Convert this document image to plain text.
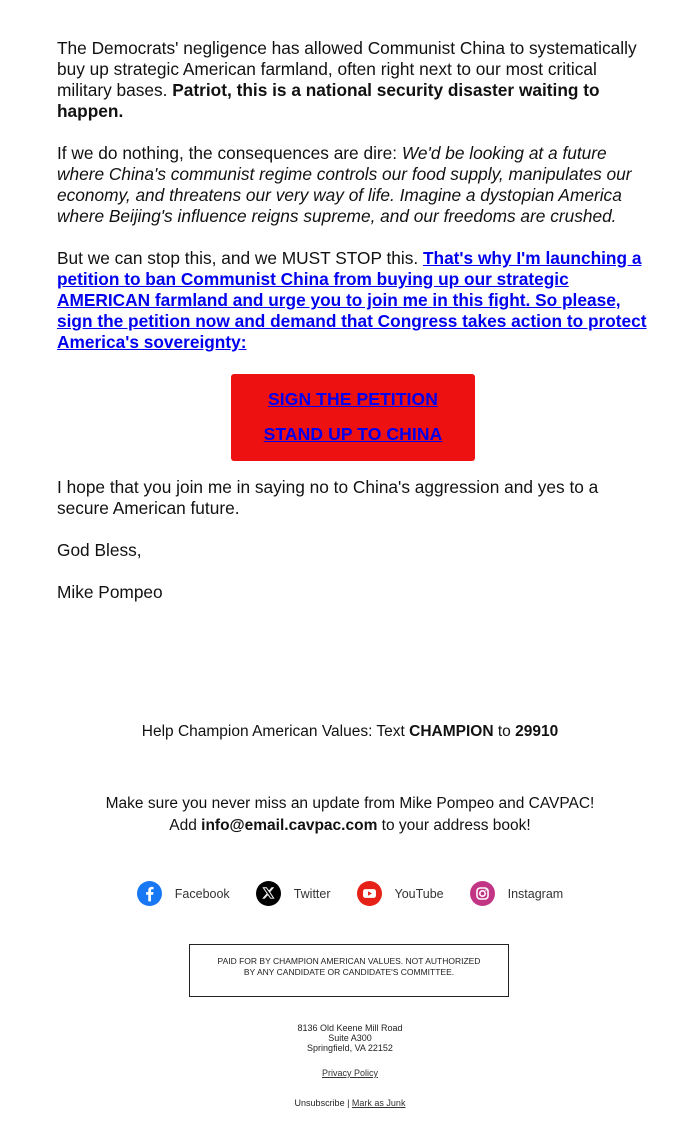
The Democrats' negligence has allowed Communist China to systematically buy up strategic American farmland, often right next to our most critical military bases. Patriot, this is a national security disaster waiting to happen.

If we do nothing, the consequences are dire: We'd be looking at a future where China's communist regime controls our food supply, manipulates our economy, and threatens our very way of life. Imagine a dystopian America where Beijing's influence reigns supreme, and our freedoms are crushed.

But we can stop this, and we MUST STOP this. That's why I'm launching a petition to ban Communist China from buying up our strategic AMERICAN farmland and urge you to join me in this fight. So please, sign the petition now and demand that Congress takes action to protect America's sovereignty:

SIGN THE PETITION
STAND UP TO CHINA

I hope that you join me in saying no to China's aggression and yes to a secure American future.

God Bless,

Mike Pompeo

Help Champion American Values: Text CHAMPION to 29910
Make sure you never miss an update from Mike Pompeo and CAVPAC!
Add info@email.cavpac.com to your address book!
Facebook	Twitter	YouTube	Instagram
PAID FOR BY CHAMPION AMERICAN VALUES. NOT AUTHORIZED BY ANY CANDIDATE OR CANDIDATE'S COMMITTEE.
8136 Old Keene Mill Road
Suite A300
Springfield, VA 22152
Privacy Policy
Unsubscribe | Mark as Junk
